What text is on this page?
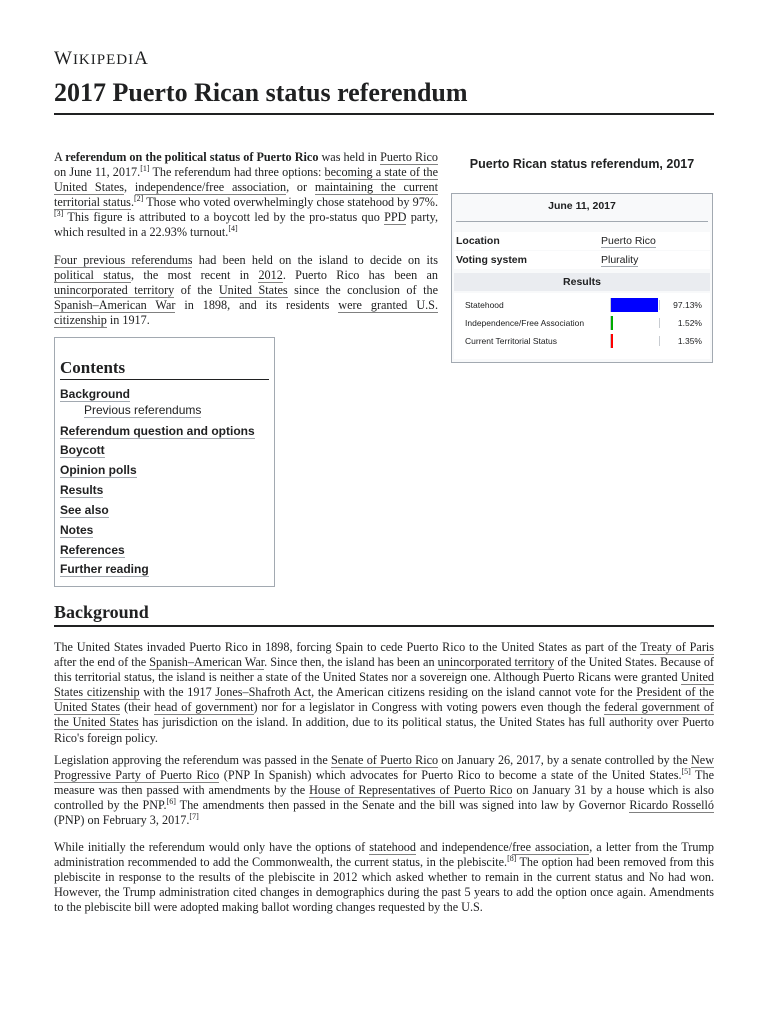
WIKIPEDIA
2017 Puerto Rican status referendum
A referendum on the political status of Puerto Rico was held in Puerto Rico on June 11, 2017.[1] The referendum had three options: becoming a state of the United States, independence/free association, or maintaining the current territorial status.[2] Those who voted overwhelmingly chose statehood by 97%.[3] This figure is attributed to a boycott led by the pro-status quo PPD party, which resulted in a 22.93% turnout.[4]
Four previous referendums had been held on the island to decide on its political status, the most recent in 2012. Puerto Rico has been an unincorporated territory of the United States since the conclusion of the Spanish–American War in 1898, and its residents were granted U.S. citizenship in 1917.
Puerto Rican status referendum, 2017
June 11, 2017
Location	Puerto Rico
Voting system	Plurality
Results
Statehood	97.13%
Independence/Free Association	1.52%
Current Territorial Status	1.35%
Contents
Background
Previous referendums
Referendum question and options
Boycott
Opinion polls
Results
See also
Notes
References
Further reading
Background
The United States invaded Puerto Rico in 1898, forcing Spain to cede Puerto Rico to the United States as part of the Treaty of Paris after the end of the Spanish–American War. Since then, the island has been an unincorporated territory of the United States. Because of this territorial status, the island is neither a state of the United States nor a sovereign one. Although Puerto Ricans were granted United States citizenship with the 1917 Jones–Shafroth Act, the American citizens residing on the island cannot vote for the President of the United States (their head of government) nor for a legislator in Congress with voting powers even though the federal government of the United States has jurisdiction on the island. In addition, due to its political status, the United States has full authority over Puerto Rico's foreign policy.
Legislation approving the referendum was passed in the Senate of Puerto Rico on January 26, 2017, by a senate controlled by the New Progressive Party of Puerto Rico (PNP In Spanish) which advocates for Puerto Rico to become a state of the United States.[5] The measure was then passed with amendments by the House of Representatives of Puerto Rico on January 31 by a house which is also controlled by the PNP.[6] The amendments then passed in the Senate and the bill was signed into law by Governor Ricardo Rosselló (PNP) on February 3, 2017.[7]
While initially the referendum would only have the options of statehood and independence/free association, a letter from the Trump administration recommended to add the Commonwealth, the current status, in the plebiscite.[8] The option had been removed from this plebiscite in response to the results of the plebiscite in 2012 which asked whether to remain in the current status and No had won. However, the Trump administration cited changes in demographics during the past 5 years to add the option once again. Amendments to the plebiscite bill were adopted making ballot wording changes requested by the U.S.
